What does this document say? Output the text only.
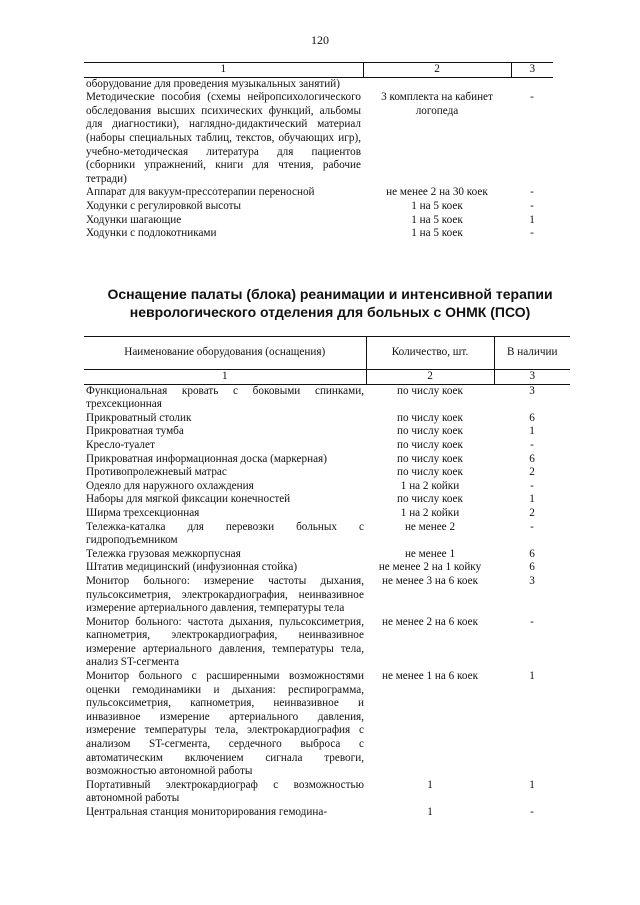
120
1	2	3
оборудование для проведения музыкальных занятий)		
Методические пособия (схемы нейропсихологического обследования высших психических функций, альбомы для диагностики), наглядно-дидактический материал (наборы специальных таблиц, текстов, обучающих игр), учебно-методическая литература для пациентов (сборники упражнений, книги для чтения, рабочие тетради)	3 комплекта на кабинет логопеда	-
Аппарат для вакуум-прессотерапии переносной	не менее 2 на 30 коек	-
Ходунки с регулировкой высоты	1 на 5 коек	-
Ходунки шагающие	1 на 5 коек	1
Ходунки с подлокотниками	1 на 5 коек	-
Оснащение палаты (блока) реанимации и интенсивной терапии неврологического отделения для больных с ОНМК (ПСО)
Наименование оборудования (оснащения)	Количество, шт.	В наличии
1	2	3
Функциональная кровать с боковыми спинками, трехсекционная	по числу коек	3
Прикроватный столик	по числу коек	6
Прикроватная тумба	по числу коек	1
Кресло-туалет	по числу коек	-
Прикроватная информационная доска (маркерная)	по числу коек	6
Противопролежневый матрас	по числу коек	2
Одеяло для наружного охлаждения	1 на 2 койки	-
Наборы для мягкой фиксации конечностей	по числу коек	1
Ширма трехсекционная	1 на 2 койки	2
Тележка-каталка для перевозки больных с гидроподъемником	не менее 2	-
Тележка грузовая межкорпусная	не менее 1	6
Штатив медицинский (инфузионная стойка)	не менее 2 на 1 койку	6
Монитор больного: измерение частоты дыхания, пульсоксиметрия, электрокардиография, неинвазивное измерение артериального давления, температуры тела	не менее 3 на 6 коек	3
Монитор больного: частота дыхания, пульсоксиметрия, капнометрия, электрокардиография, неинвазивное измерение артериального давления, температуры тела, анализ ST-сегмента	не менее 2 на 6 коек	-
Монитор больного с расширенными возможностями оценки гемодинамики и дыхания: респирограмма, пульсоксиметрия, капнометрия, неинвазивное и инвазивное измерение артериального давления, измерение температуры тела, электрокардиография с анализом ST-сегмента, сердечного выброса с автоматическим включением сигнала тревоги, возможностью автономной работы	не менее 1 на 6 коек	1
Портативный электрокардиограф с возможностью автономной работы	1	1
Центральная станция мониторирования гемодина-	1	-
